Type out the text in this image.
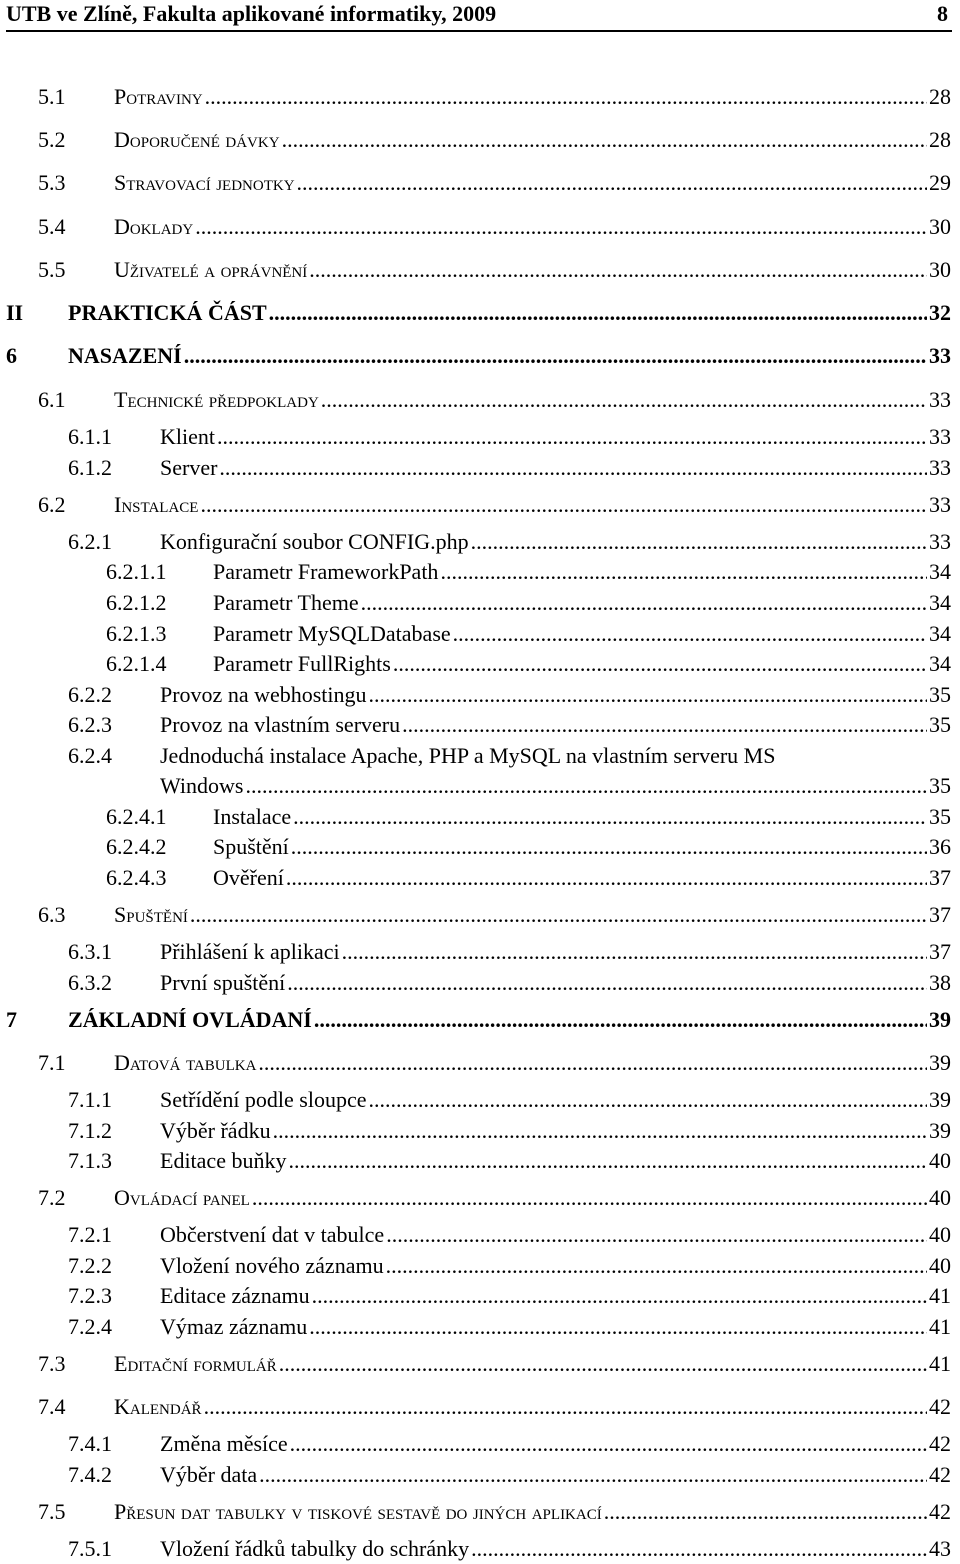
UTB ve Zlíně, Fakulta aplikované informatiky, 2009	8
5.1 Potraviny .....	28
5.2 Doporučené dávky .....	28
5.3 Stravovací jednotky .....	29
5.4 Doklady .....	30
5.5 Uživatelé a oprávnění .....	30
II PRAKTICKÁ ČÁST .....	32
6 NASAZENÍ .....	33
6.1 Technické předpoklady .....	33
6.1.1 Klient .....	33
6.1.2 Server .....	33
6.2 Instalace .....	33
6.2.1 Konfigurační soubor CONFIG.php .....	33
6.2.1.1 Parametr FrameworkPath .....	34
6.2.1.2 Parametr Theme .....	34
6.2.1.3 Parametr MySQLDatabase .....	34
6.2.1.4 Parametr FullRights .....	34
6.2.2 Provoz na webhostingu .....	35
6.2.3 Provoz na vlastním serveru .....	35
6.2.4 Jednoduchá instalace Apache, PHP a MySQL na vlastním serveru MS
Windows .....	35
6.2.4.1 Instalace .....	35
6.2.4.2 Spuštění .....	36
6.2.4.3 Ověření .....	37
6.3 Spuštění .....	37
6.3.1 Přihlášení k aplikaci .....	37
6.3.2 První spuštění .....	38
7 ZÁKLADNÍ OVLÁDANÍ .....	39
7.1 Datová tabulka .....	39
7.1.1 Setřídění podle sloupce .....	39
7.1.2 Výběr řádku .....	39
7.1.3 Editace buňky .....	40
7.2 Ovládací panel .....	40
7.2.1 Občerstvení dat v tabulce .....	40
7.2.2 Vložení nového záznamu .....	40
7.2.3 Editace záznamu .....	41
7.2.4 Výmaz záznamu .....	41
7.3 Editační formulář .....	41
7.4 Kalendář .....	42
7.4.1 Změna měsíce .....	42
7.4.2 Výběr data .....	42
7.5 Přesun dat tabulky v tiskové sestavě do jiných aplikací .....	42
7.5.1 Vložení řádků tabulky do schránky .....	43
